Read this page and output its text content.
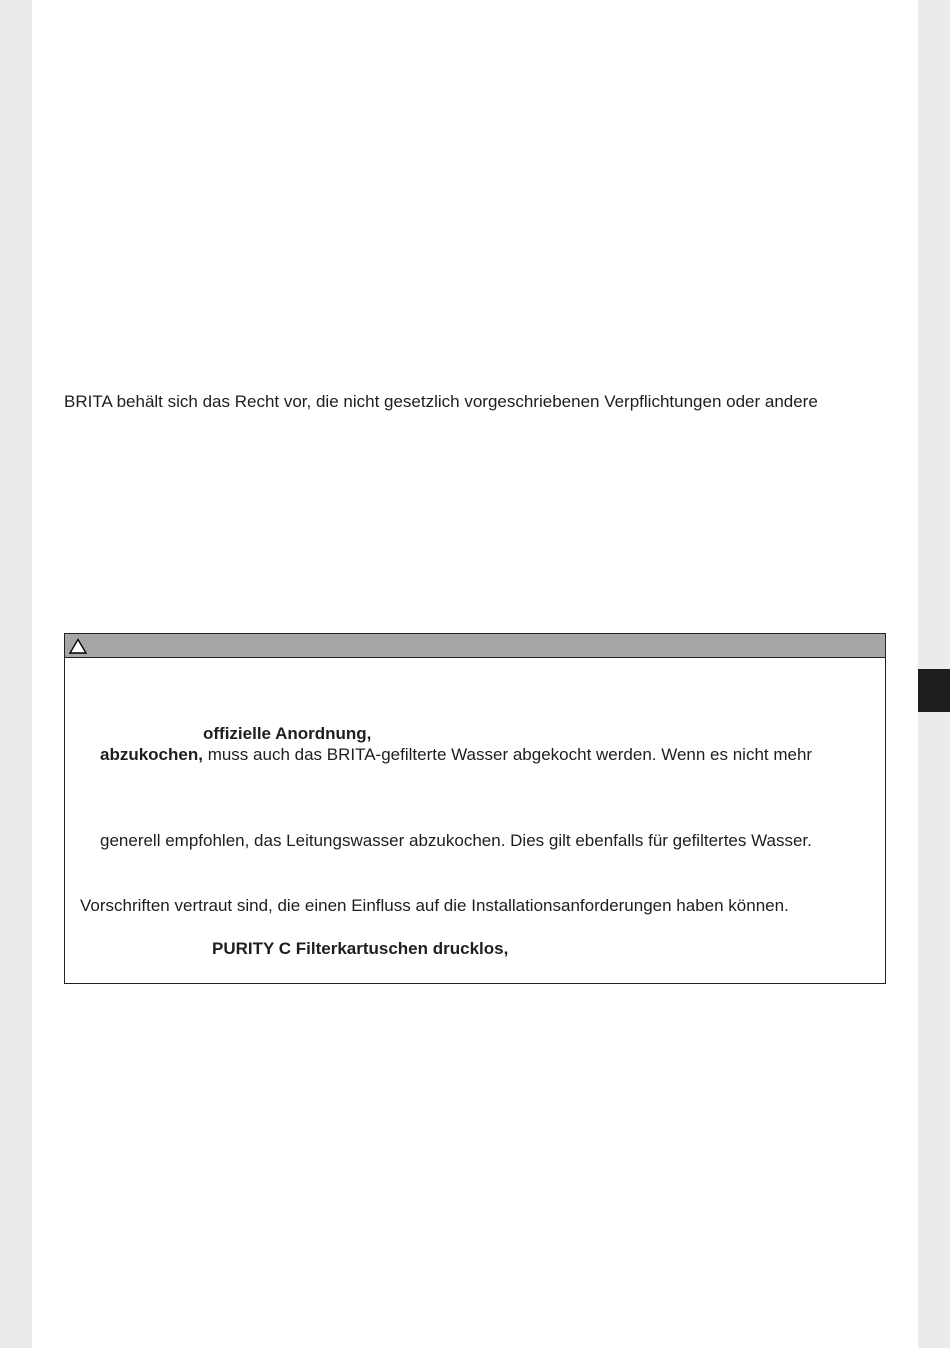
BRITA behält sich das Recht vor, die nicht gesetzlich vorgeschriebenen Verpflichtungen oder andere
offizielle Anordnung,
abzukochen, muss auch das BRITA-gefilterte Wasser abgekocht werden. Wenn es nicht mehr
generell empfohlen, das Leitungswasser abzukochen. Dies gilt ebenfalls für gefiltertes Wasser.
Vorschriften vertraut sind, die einen Einfluss auf die Installationsanforderungen haben können.
PURITY C Filterkartuschen drucklos,
